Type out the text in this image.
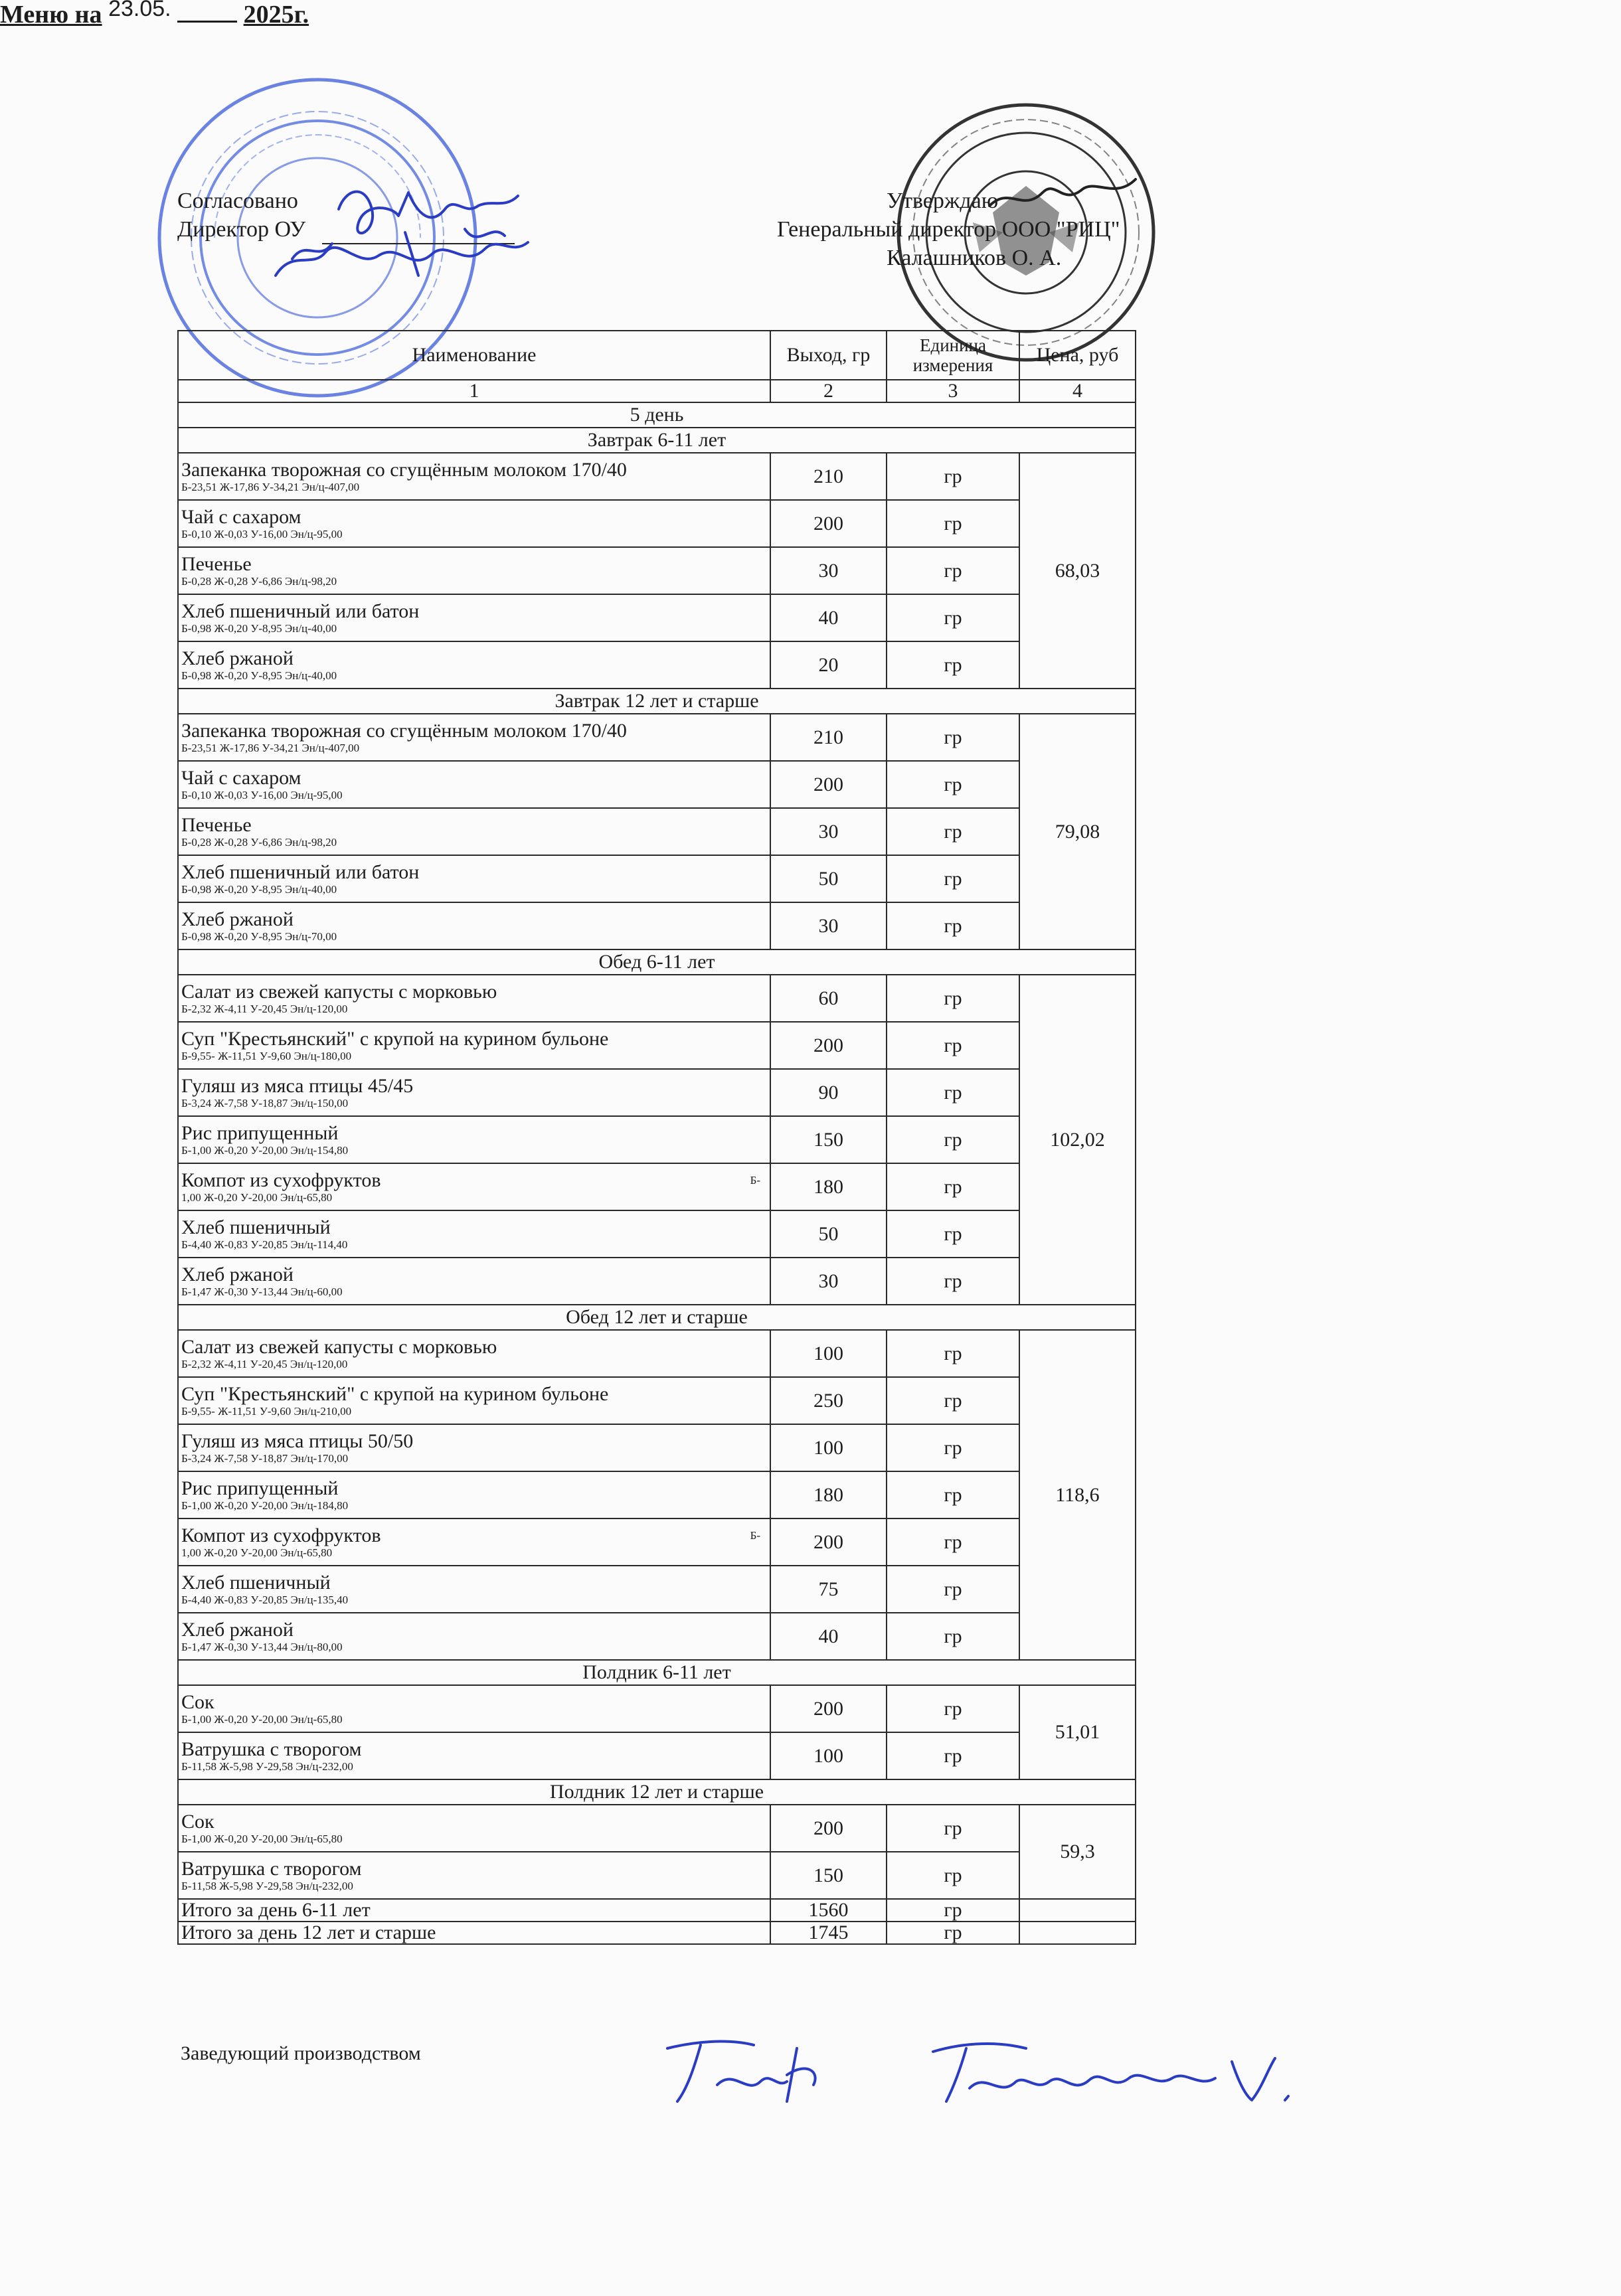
Согласовано
Директор ОУ
Утверждаю
Генеральный директор ООО "РИЦ"
Калашников О. А.
Меню на 23.05.	2025г.
Наименование	Выход, гр	Единица измерения	Цена, руб
1	2	3	4
5 день			
Завтрак 6-11 лет			

Запеканка творожная со сгущённым молоком 170/40
Б-23,51 Ж-17,86 У-34,21 Эн/ц-407,00	210	гр	68,03

Чай с сахаром
Б-0,10 Ж-0,03 У-16,00 Эн/ц-95,00	200	гр	

Печенье
Б-0,28 Ж-0,28 У-6,86 Эн/ц-98,20	30	гр	

Хлеб пшеничный или батон
Б-0,98 Ж-0,20 У-8,95 Эн/ц-40,00	40	гр	

Хлеб ржаной
Б-0,98 Ж-0,20 У-8,95 Эн/ц-40,00	20	гр	
Завтрак 12 лет и старше			

Запеканка творожная со сгущённым молоком 170/40
Б-23,51 Ж-17,86 У-34,21 Эн/ц-407,00	210	гр	79,08

Чай с сахаром
Б-0,10 Ж-0,03 У-16,00 Эн/ц-95,00	200	гр	

Печенье
Б-0,28 Ж-0,28 У-6,86 Эн/ц-98,20	30	гр	

Хлеб пшеничный или батон
Б-0,98 Ж-0,20 У-8,95 Эн/ц-40,00	50	гр	

Хлеб ржаной
Б-0,98 Ж-0,20 У-8,95 Эн/ц-70,00	30	гр	
Обед 6-11 лет			

Салат из свежей капусты с морковью
Б-2,32 Ж-4,11 У-20,45 Эн/ц-120,00	60	гр	102,02

Суп "Крестьянский" с крупой на курином бульоне
Б-9,55- Ж-11,51 У-9,60 Эн/ц-180,00	200	гр	

Гуляш из мяса птицы 45/45
Б-3,24 Ж-7,58 У-18,87 Эн/ц-150,00	90	гр	

Рис припущенный
Б-1,00 Ж-0,20 У-20,00 Эн/ц-154,80	150	гр	

Компот из сухофруктов Б-
1,00 Ж-0,20 У-20,00 Эн/ц-65,80	180	гр	

Хлеб пшеничный
Б-4,40 Ж-0,83 У-20,85 Эн/ц-114,40	50	гр	

Хлеб ржаной
Б-1,47 Ж-0,30 У-13,44 Эн/ц-60,00	30	гр	
Обед 12 лет и старше			

Салат из свежей капусты с морковью
Б-2,32 Ж-4,11 У-20,45 Эн/ц-120,00	100	гр	118,6

Суп "Крестьянский" с крупой на курином бульоне
Б-9,55- Ж-11,51 У-9,60 Эн/ц-210,00	250	гр	

Гуляш из мяса птицы 50/50
Б-3,24 Ж-7,58 У-18,87 Эн/ц-170,00	100	гр	

Рис припущенный
Б-1,00 Ж-0,20 У-20,00 Эн/ц-184,80	180	гр	

Компот из сухофруктов Б-
1,00 Ж-0,20 У-20,00 Эн/ц-65,80	200	гр	

Хлеб пшеничный
Б-4,40 Ж-0,83 У-20,85 Эн/ц-135,40	75	гр	

Хлеб ржаной
Б-1,47 Ж-0,30 У-13,44 Эн/ц-80,00	40	гр	
Полдник 6-11 лет			

Сок
Б-1,00 Ж-0,20 У-20,00 Эн/ц-65,80	200	гр	51,01

Ватрушка с творогом
Б-11,58 Ж-5,98 У-29,58 Эн/ц-232,00	100	гр	
Полдник 12 лет и старше			

Сок
Б-1,00 Ж-0,20 У-20,00 Эн/ц-65,80	200	гр	59,3

Ватрушка с творогом
Б-11,58 Ж-5,98 У-29,58 Эн/ц-232,00	150	гр	
Итого за день 6-11 лет	1560	гр	
Итого за день 12 лет и старше	1745	гр	
Заведующий производством
